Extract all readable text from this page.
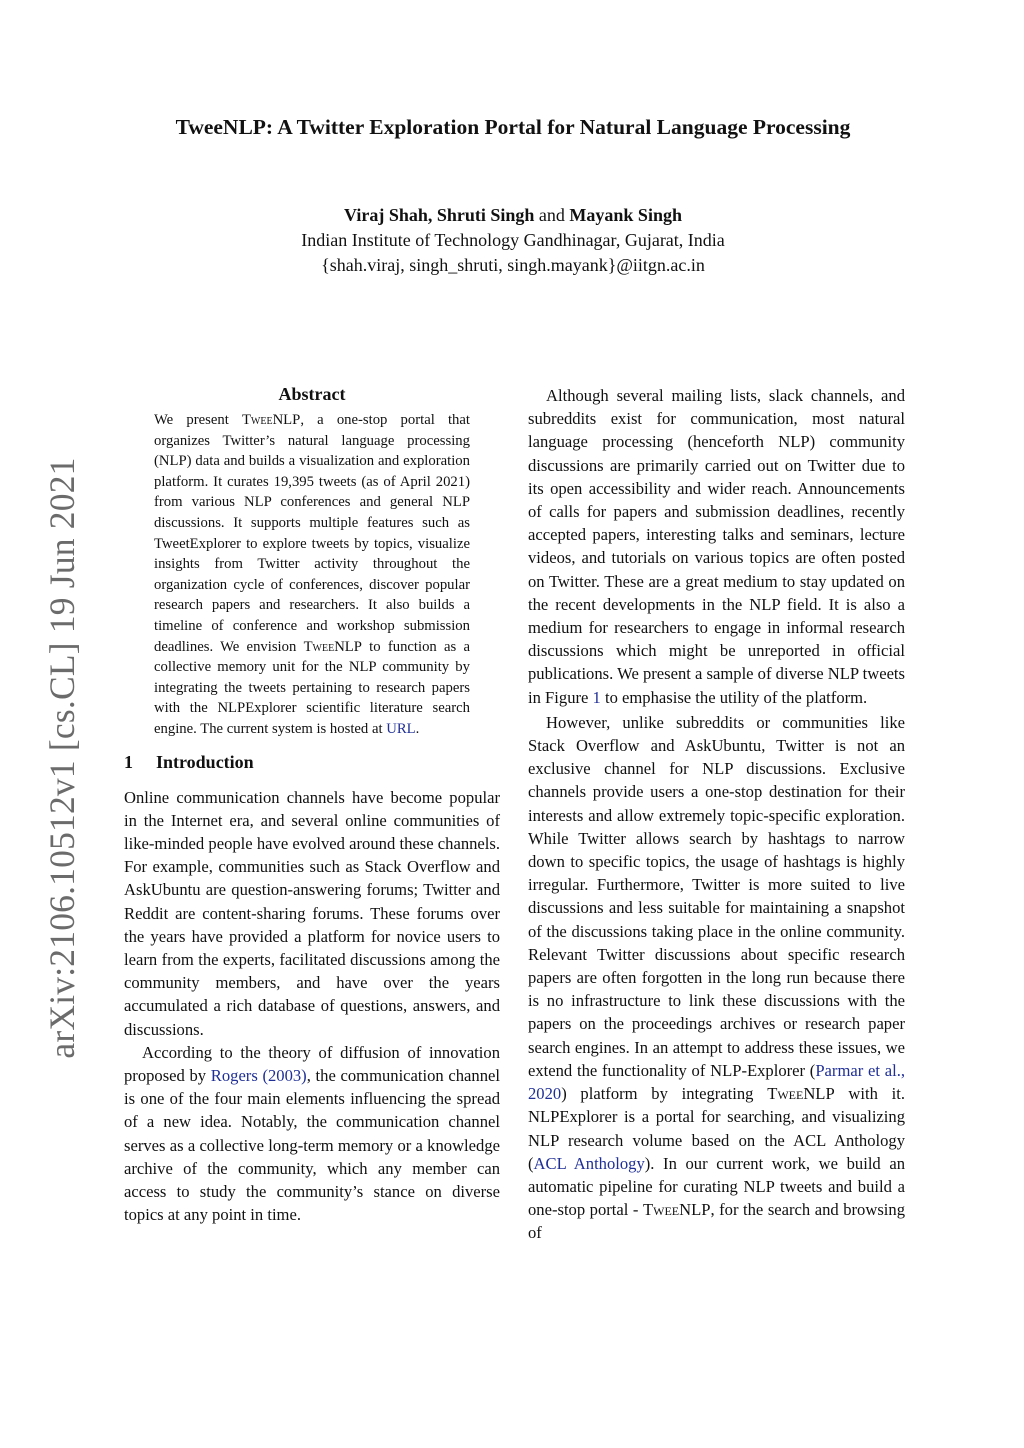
arXiv:2106.10512v1 [cs.CL] 19 Jun 2021
TweeNLP: A Twitter Exploration Portal for Natural Language Processing
Viraj Shah, Shruti Singh and Mayank Singh
Indian Institute of Technology Gandhinagar, Gujarat, India
{shah.viraj, singh_shruti, singh.mayank}@iitgn.ac.in
Abstract

We present TweeNLP, a one-stop portal that organizes Twitter’s natural language processing (NLP) data and builds a visualization and exploration platform. It curates 19,395 tweets (as of April 2021) from various NLP conferences and general NLP discussions. It supports multiple features such as TweetExplorer to explore tweets by topics, visualize insights from Twitter activity throughout the organization cycle of conferences, discover popular research papers and researchers. It also builds a timeline of conference and workshop submission deadlines. We envision TweeNLP to function as a collective memory unit for the NLP community by integrating the tweets pertaining to research papers with the NLPExplorer scientific literature search engine. The current system is hosted at URL.

1 Introduction

Online communication channels have become popular in the Internet era, and several online communities of like-minded people have evolved around these channels. For example, communities such as Stack Overflow and AskUbuntu are question-answering forums; Twitter and Reddit are content-sharing forums. These forums over the years have provided a platform for novice users to learn from the experts, facilitated discussions among the community members, and have over the years accumulated a rich database of questions, answers, and discussions.

According to the theory of diffusion of innovation proposed by Rogers (2003), the communication channel is one of the four main elements influencing the spread of a new idea. Notably, the communication channel serves as a collective long-term memory or a knowledge archive of the community, which any member can access to study the community’s stance on diverse topics at any point in time.

Although several mailing lists, slack channels, and subreddits exist for communication, most natural language processing (henceforth NLP) community discussions are primarily carried out on Twitter due to its open accessibility and wider reach. Announcements of calls for papers and submission deadlines, recently accepted papers, interesting talks and seminars, lecture videos, and tutorials on various topics are often posted on Twitter. These are a great medium to stay updated on the recent developments in the NLP field. It is also a medium for researchers to engage in informal research discussions which might be unreported in official publications. We present a sample of diverse NLP tweets in Figure 1 to emphasise the utility of the platform.

However, unlike subreddits or communities like Stack Overflow and AskUbuntu, Twitter is not an exclusive channel for NLP discussions. Exclusive channels provide users a one-stop destination for their interests and allow extremely topic-specific exploration. While Twitter allows search by hashtags to narrow down to specific topics, the usage of hashtags is highly irregular. Furthermore, Twitter is more suited to live discussions and less suitable for maintaining a snapshot of the discussions taking place in the online community. Relevant Twitter discussions about specific research papers are often forgotten in the long run because there is no infrastructure to link these discussions with the papers on the proceedings archives or research paper search engines. In an attempt to address these issues, we extend the functionality of NLP-Explorer (Parmar et al., 2020) platform by integrating TweeNLP with it. NLPExplorer is a portal for searching, and visualizing NLP research volume based on the ACL Anthology (ACL Anthology). In our current work, we build an automatic pipeline for curating NLP tweets and build a one-stop portal - TweeNLP, for the search and browsing of
